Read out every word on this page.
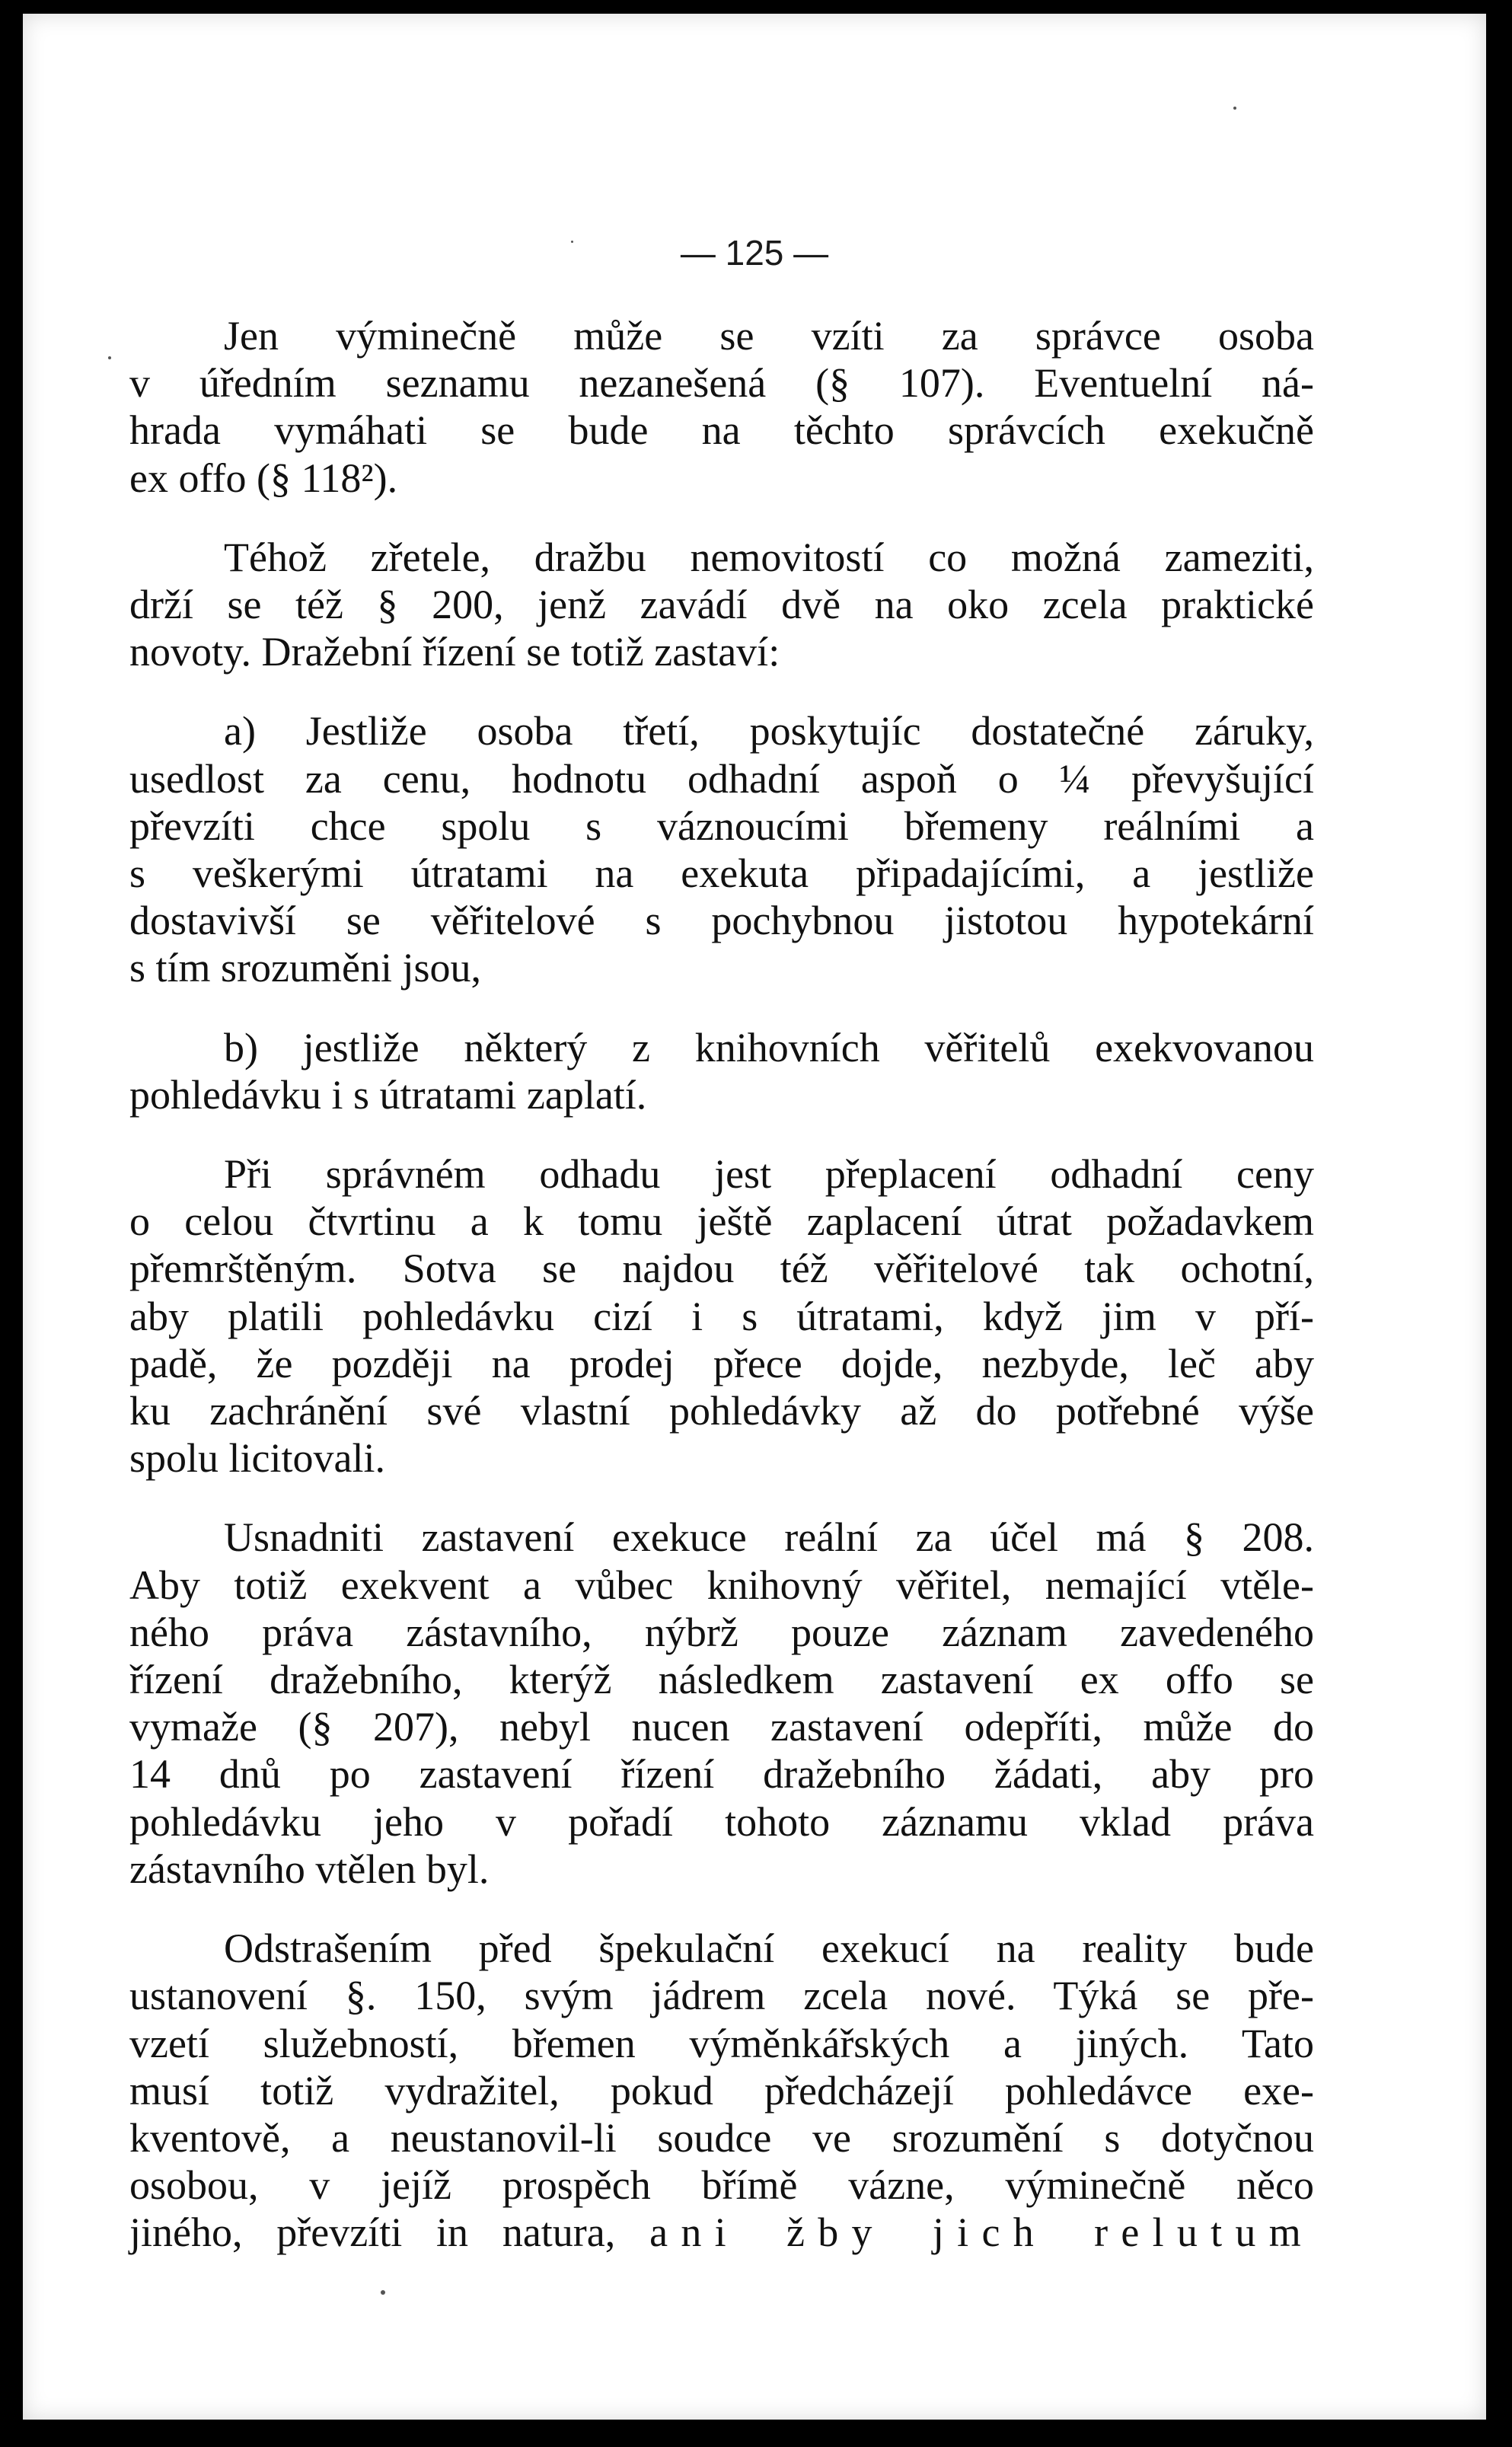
— 125 —
Jen výminečně může se vzíti za správce osoba
v úředním seznamu nezanešená (§ 107). Eventuelní ná-
hrada vymáhati se bude na těchto správcích exekučně
ex offo (§ 118²).
Téhož zřetele, dražbu nemovitostí co možná zameziti,
drží se též § 200, jenž zavádí dvě na oko zcela praktické
novoty. Dražební řízení se totiž zastaví:
a) Jestliže osoba třetí, poskytujíc dostatečné záruky,
usedlost za cenu, hodnotu odhadní aspoň o ¼ převyšující
převzíti chce spolu s váznoucími břemeny reálními a
s veškerými útratami na exekuta připadajícími, a jestliže
dostavivší se věřitelové s pochybnou jistotou hypotekární
s tím srozuměni jsou,
b) jestliže některý z knihovních věřitelů exekvovanou
pohledávku i s útratami zaplatí.
Při správném odhadu jest přeplacení odhadní ceny
o celou čtvrtinu a k tomu ještě zaplacení útrat požadavkem
přemrštěným. Sotva se najdou též věřitelové tak ochotní,
aby platili pohledávku cizí i s útratami, když jim v pří-
padě, že později na prodej přece dojde, nezbyde, leč aby
ku zachránění své vlastní pohledávky až do potřebné výše
spolu licitovali.
Usnadniti zastavení exekuce reální za účel má § 208.
Aby totiž exekvent a vůbec knihovný věřitel, nemající vtěle-
ného práva zástavního, nýbrž pouze záznam zavedeného
řízení dražebního, kterýž následkem zastavení ex offo se
vymaže (§ 207), nebyl nucen zastavení odepříti, může do
14 dnů po zastavení řízení dražebního žádati, aby pro
pohledávku jeho v pořadí tohoto záznamu vklad práva
zástavního vtělen byl.
Odstrašením před špekulační exekucí na reality bude
ustanovení §. 150, svým jádrem zcela nové. Týká se pře-
vzetí služebností, břemen výměnkářských a jiných. Tato
musí totiž vydražitel, pokud předcházejí pohledávce exe-
kventově, a neustanovil-li soudce ve srozumění s dotyčnou
osobou, v jejíž prospěch břímě vázne, výminečně něco
jiného, převzíti in natura, ani žby jich relutum
